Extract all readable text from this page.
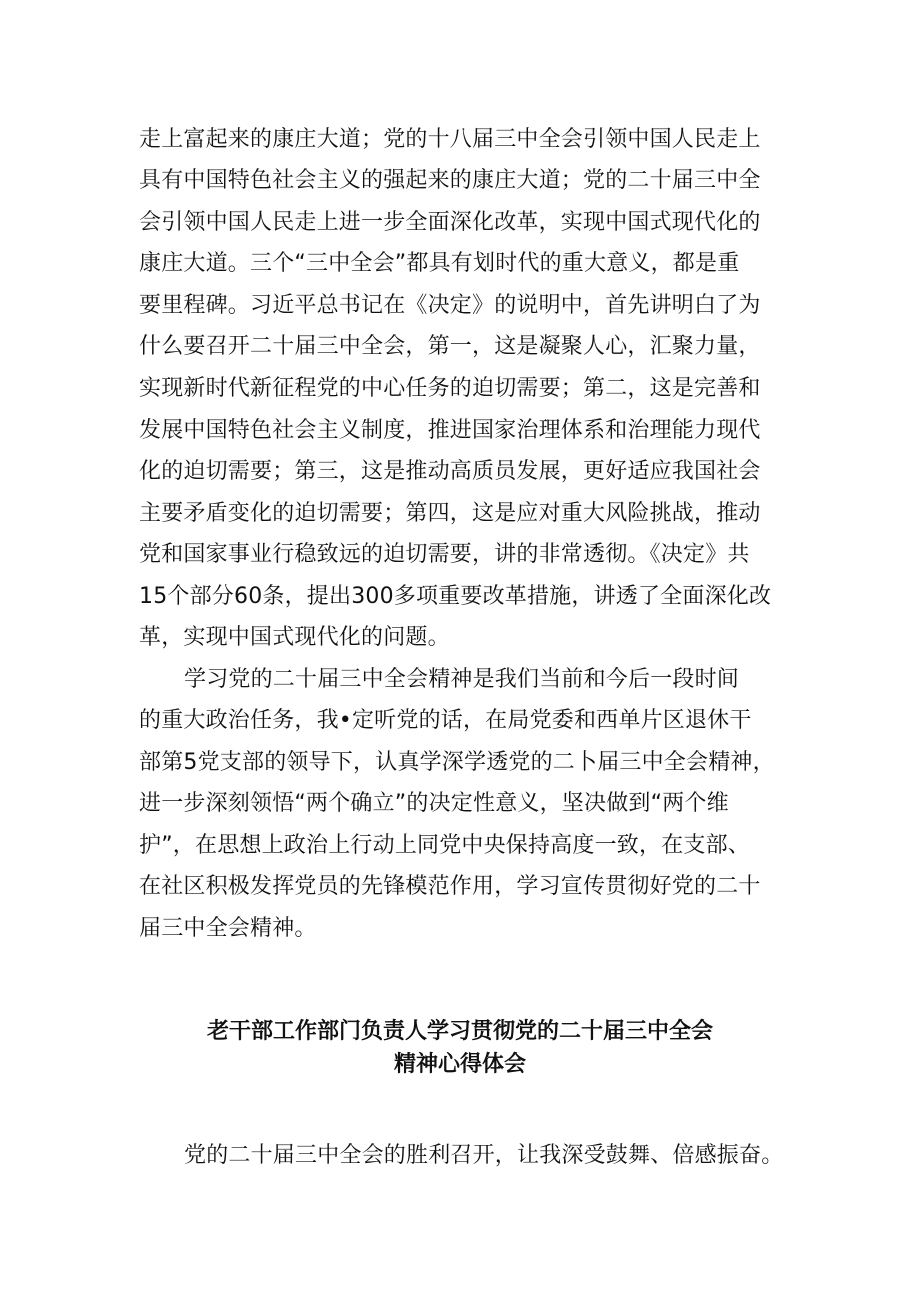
走上富起来的康庄大道；党的十八届三中全会引领中国人民走上
具有中国特色社会主义的强起来的康庄大道；党的二十届三中全
会引领中国人民走上进一步全面深化改革，实现中国式现代化的
康庄大道。三个“三中全会”都具有划时代的重大意义，都是重
要里程碑。习近平总书记在《决定》的说明中，首先讲明白了为
什么要召开二十届三中全会，第一，这是凝聚人心，汇聚力量，
实现新时代新征程党的中心任务的迫切需要；第二，这是完善和
发展中国特色社会主义制度，推进国家治理体系和治理能力现代
化的迫切需要；第三，这是推动高质员发展，更好适应我国社会
主要矛盾变化的迫切需要；第四，这是应对重大风险挑战，推动
党和国家事业行稳致远的迫切需要，讲的非常透彻。《决定》共
15个部分60条，提出300多项重要改革措施，讲透了全面深化改
革，实现中国式现代化的问题。
学习党的二十届三中全会精神是我们当前和今后一段时间
的重大政治任务，我•定听党的话，在局党委和西单片区退休干
部第5党支部的领导下，认真学深学透党的二卜届三中全会精神，
进一步深刻领悟“两个确立”的决定性意义，坚决做到“两个维
护”，在思想上政治上行动上同党中央保持高度一致，在支部、
在社区积极发挥党员的先锋模范作用，学习宣传贯彻好党的二十
届三中全会精神。
老干部工作部门负责人学习贯彻党的二十届三中全会
精神心得体会
党的二十届三中全会的胜利召开，让我深受鼓舞、倍感振奋。
